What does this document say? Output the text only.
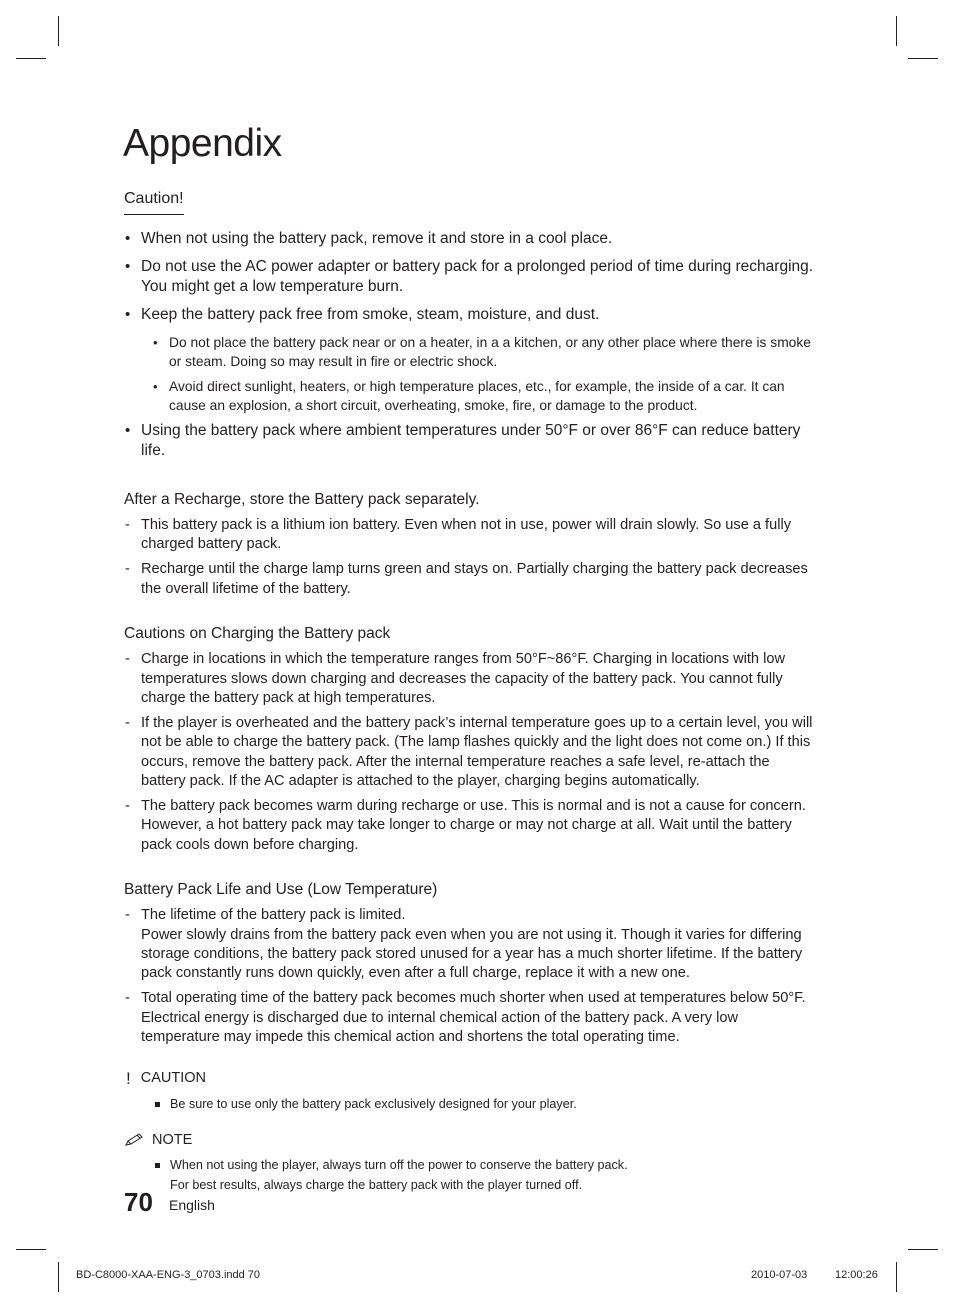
Appendix
Caution!
• When not using the battery pack, remove it and store in a cool place.
• Do not use the AC power adapter or battery pack for a prolonged period of time during recharging. You might get a low temperature burn.
• Keep the battery pack free from smoke, steam, moisture, and dust.
• Do not place the battery pack near or on a heater, in a a kitchen, or any other place where there is smoke or steam. Doing so may result in fire or electric shock.
• Avoid direct sunlight, heaters, or high temperature places, etc., for example, the inside of a car. It can cause an explosion, a short circuit, overheating, smoke, fire, or damage to the product.
• Using the battery pack where ambient temperatures under 50°F or over 86°F can reduce battery life.
After a Recharge, store the Battery pack separately.
- This battery pack is a lithium ion battery. Even when not in use, power will drain slowly. So use a fully charged battery pack.
- Recharge until the charge lamp turns green and stays on. Partially charging the battery pack decreases the overall lifetime of the battery.
Cautions on Charging the Battery pack
- Charge in locations in which the temperature ranges from 50°F~86°F. Charging in locations with low temperatures slows down charging and decreases the capacity of the battery pack. You cannot fully charge the battery pack at high temperatures.
- If the player is overheated and the battery pack’s internal temperature goes up to a certain level, you will not be able to charge the battery pack. (The lamp flashes quickly and the light does not come on.) If this occurs, remove the battery pack. After the internal temperature reaches a safe level, re-attach the battery pack. If the AC adapter is attached to the player, charging begins automatically.
- The battery pack becomes warm during recharge or use. This is normal and is not a cause for concern. However, a hot battery pack may take longer to charge or may not charge at all. Wait until the battery pack cools down before charging.
Battery Pack Life and Use (Low Temperature)
- The lifetime of the battery pack is limited.
Power slowly drains from the battery pack even when you are not using it. Though it varies for differing storage conditions, the battery pack stored unused for a year has a much shorter lifetime. If the battery pack constantly runs down quickly, even after a full charge, replace it with a new one.
- Total operating time of the battery pack becomes much shorter when used at temperatures below 50°F. Electrical energy is discharged due to internal chemical action of the battery pack. A very low temperature may impede this chemical action and shortens the total operating time.
! CAUTION
Be sure to use only the battery pack exclusively designed for your player.
NOTE
When not using the player, always turn off the power to conserve the battery pack.
For best results, always charge the battery pack with the player turned off.
70 English
BD-C8000-XAA-ENG-3_0703.indd 70	2010-07-03	12:00:26
